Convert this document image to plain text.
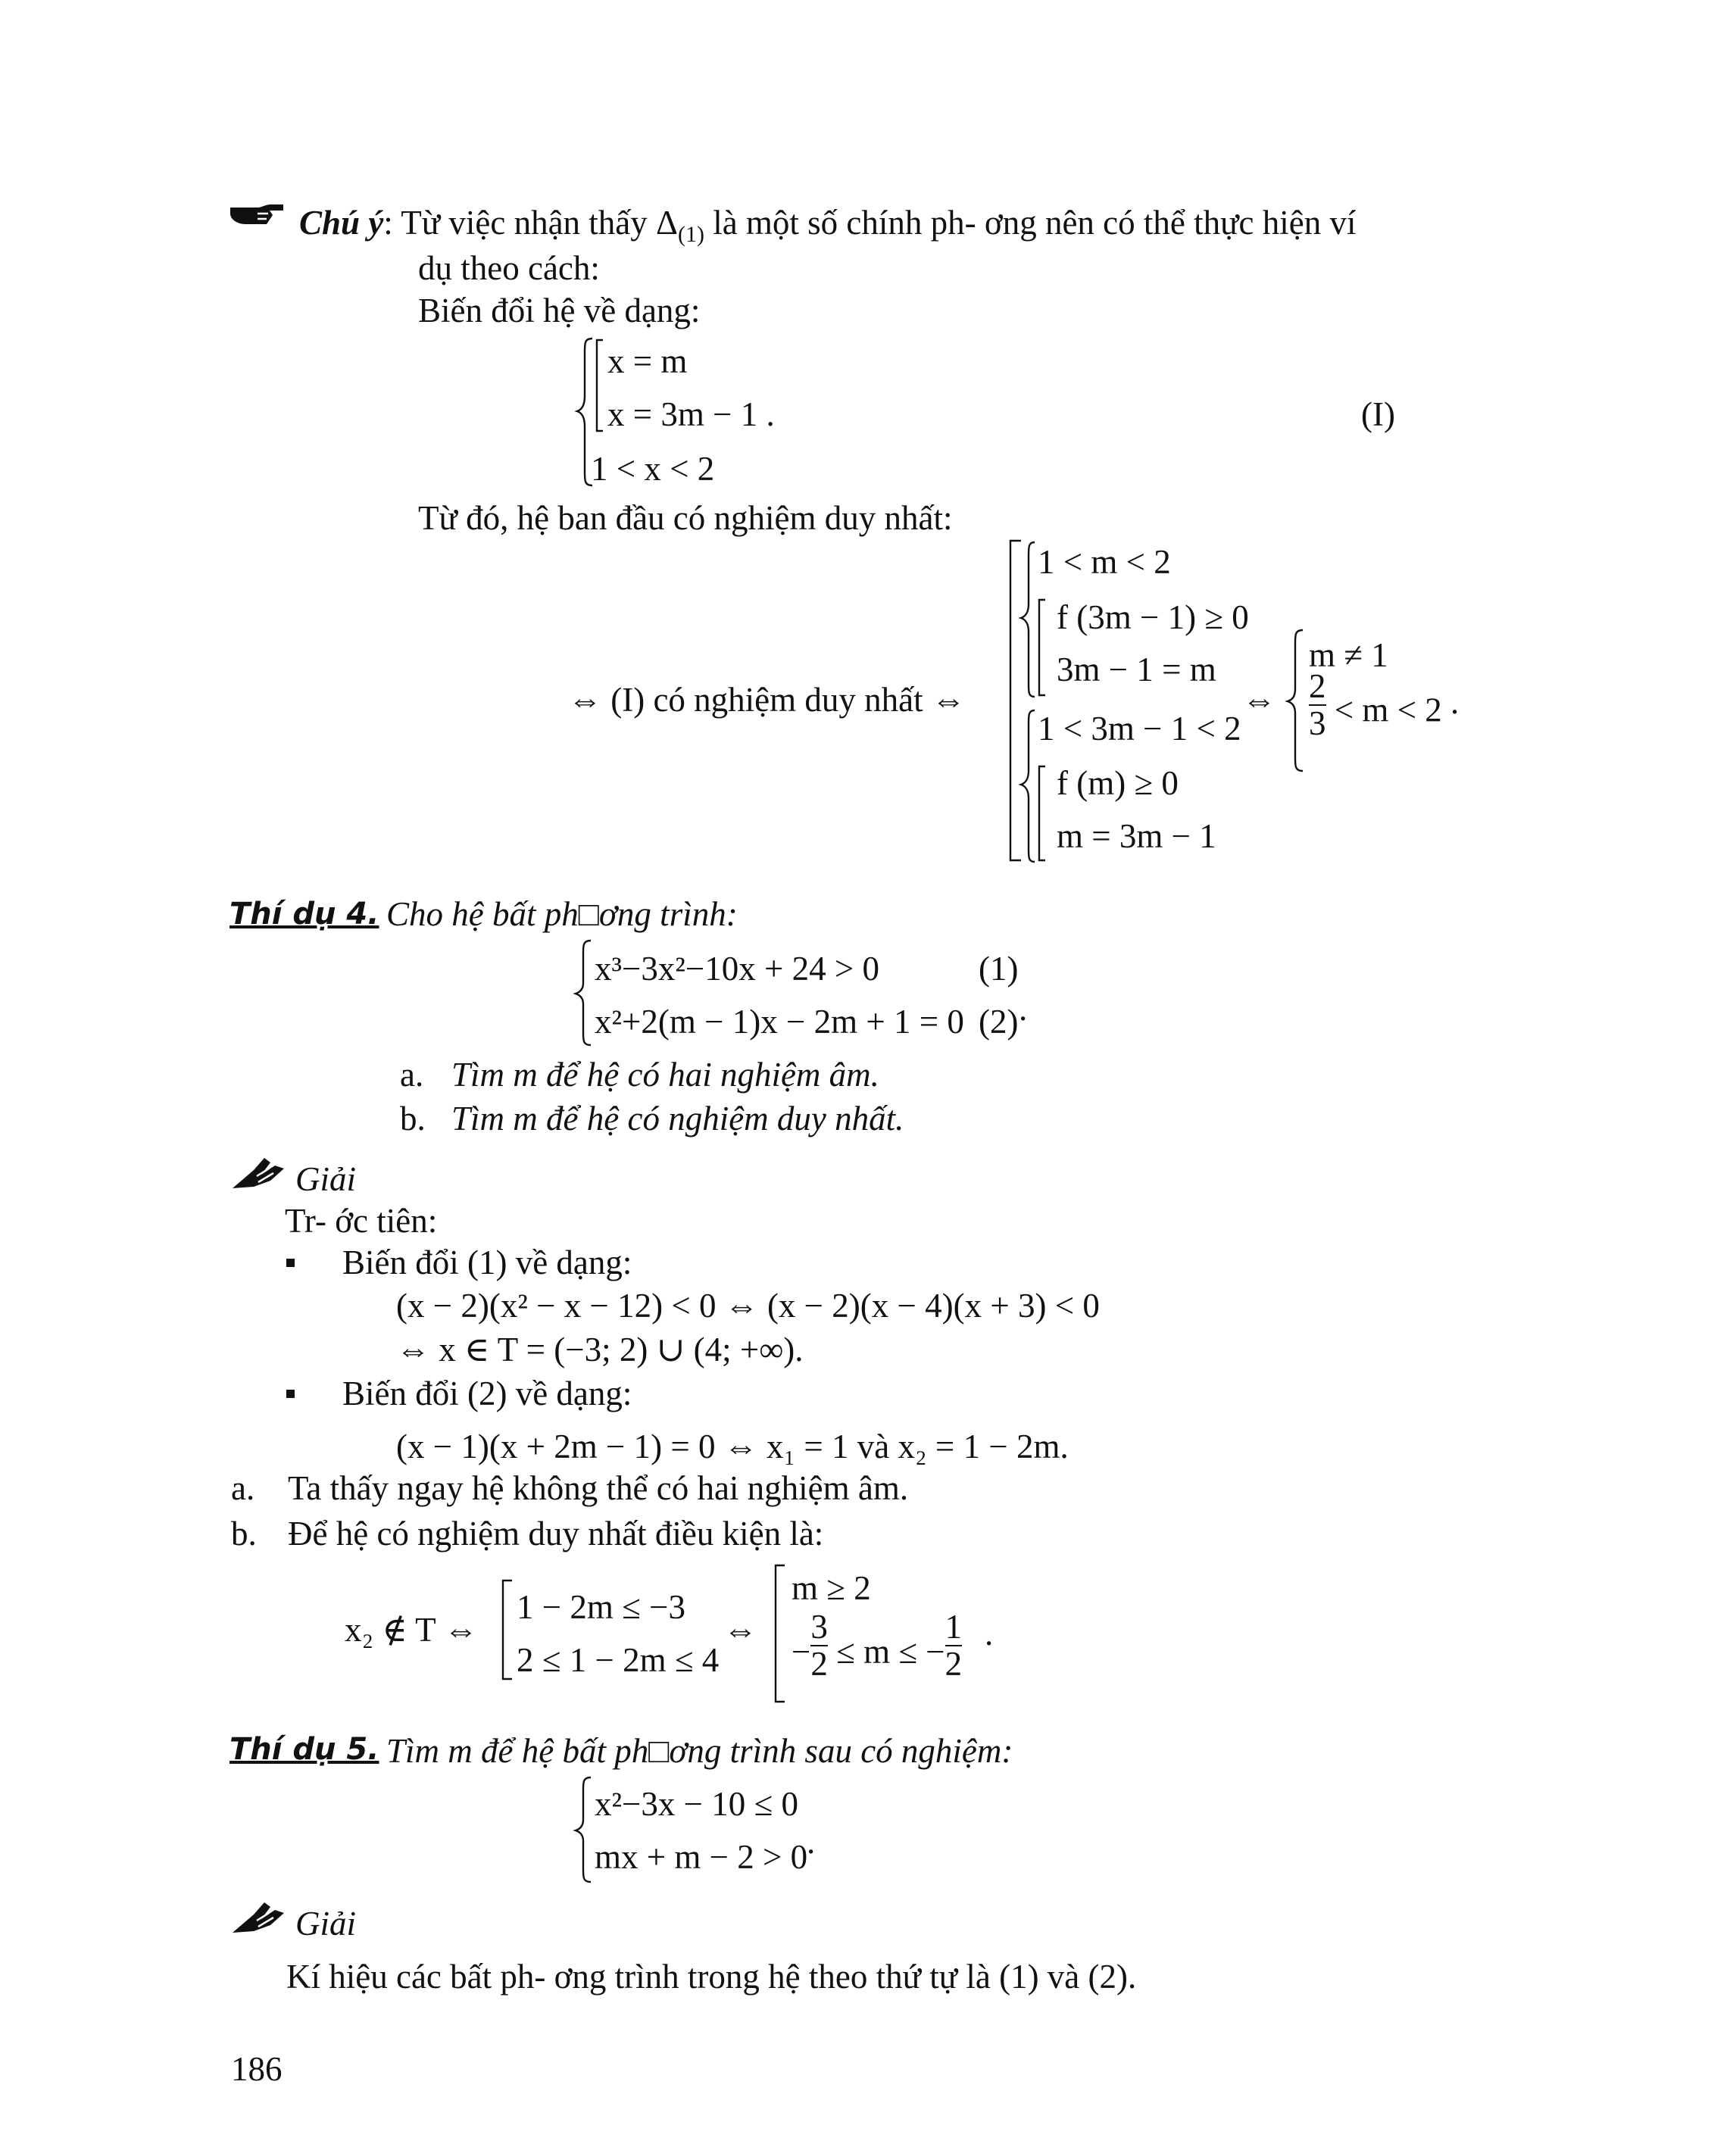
Chú ý: Từ việc nhận thấy $\Delta_{(1)}$ là một số chính ph- ơng nên có thể thực hiện ví
dụ theo cách:
Biến đổi hệ về dạng:
x = m
x = 3m − 1 .
1 < x < 2
(I)
Từ đó, hệ ban đầu có nghiệm duy nhất:
⇔ (I) có nghiệm duy nhất ⇔
1 < m < 2
f (3m − 1) ≥ 0
3m − 1 = m
1 < 3m − 1 < 2
f (m) ≥ 0
m = 3m − 1
⇔
m ≠ 1
$\frac{2}{3} < m < 2$ .
Thí dụ 4. Cho hệ bất ph□ơng trình:
x³−3x²−10x + 24 > 0	(1)
x²+2(m − 1)x − 2m + 1 = 0 (2) .
a. Tìm m để hệ có hai nghiệm âm.
b. Tìm m để hệ có nghiệm duy nhất.
Giải
Tr- ớc tiên:
Biến đổi (1) về dạng:
(x − 2)(x² − x − 12) < 0 ⇔ (x − 2)(x − 4)(x + 3) < 0
⇔ x ∈ T = (−3; 2) ∪ (4; +∞).
Biến đổi (2) về dạng:
(x − 1)(x + 2m − 1) = 0 ⇔ x₁ = 1 và x₂ = 1 − 2m.
a. Ta thấy ngay hệ không thể có hai nghiệm âm.
b. Để hệ có nghiệm duy nhất điều kiện là:
x₂ ∉ T ⇔
1 − 2m ≤ −3
2 ≤ 1 − 2m ≤ 4
⇔
m ≥ 2
− $\frac{3}{2} \le m$ ≤ − $\frac{1}{2}$ .
Thí dụ 5. Tìm m để hệ bất ph□ơng trình sau có nghiệm:
x²−3x − 10 ≤ 0
mx + m − 2 > 0
.
Giải
Kí hiệu các bất ph- ơng trình trong hệ theo thứ tự là (1) và (2).
186
